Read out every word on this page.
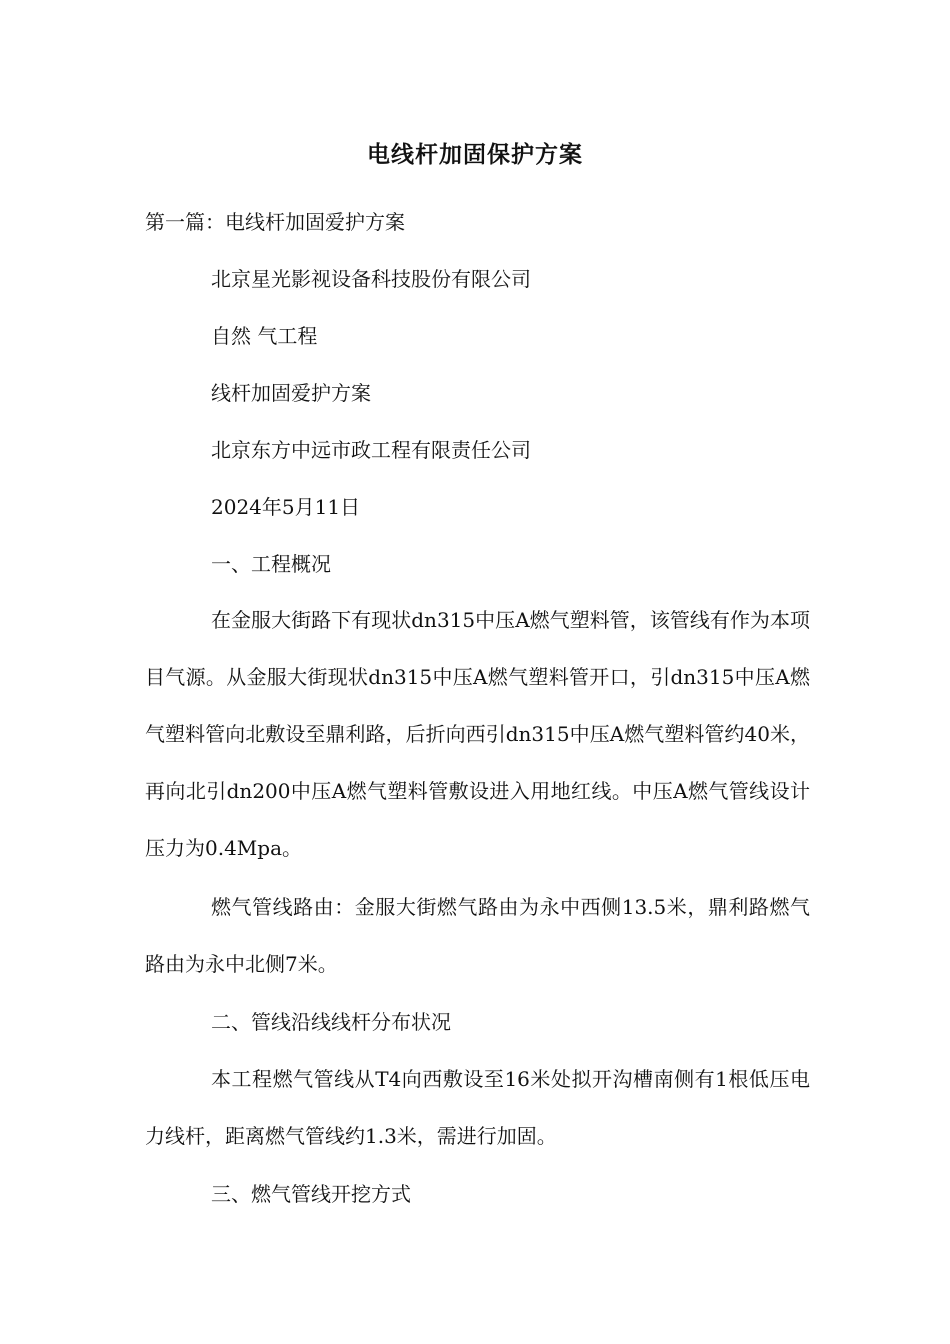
电线杆加固保护方案
第一篇：电线杆加固爱护方案
北京星光影视设备科技股份有限公司
自然 气工程
线杆加固爱护方案
北京东方中远市政工程有限责任公司
2024年5月11日
一、工程概况
在金服大街路下有现状dn315中压A燃气塑料管，该管线有作为本项目气源。从金服大街现状dn315中压A燃气塑料管开口，引dn315中压A燃气塑料管向北敷设至鼎利路，后折向西引dn315中压A燃气塑料管约40米，再向北引dn200中压A燃气塑料管敷设进入用地红线。中压A燃气管线设计压力为0.4Mpa。
燃气管线路由：金服大街燃气路由为永中西侧13.5米，鼎利路燃气路由为永中北侧7米。
二、管线沿线线杆分布状况
本工程燃气管线从T4向西敷设至16米处拟开沟槽南侧有1根低压电力线杆，距离燃气管线约1.3米，需进行加固。
三、燃气管线开挖方式
